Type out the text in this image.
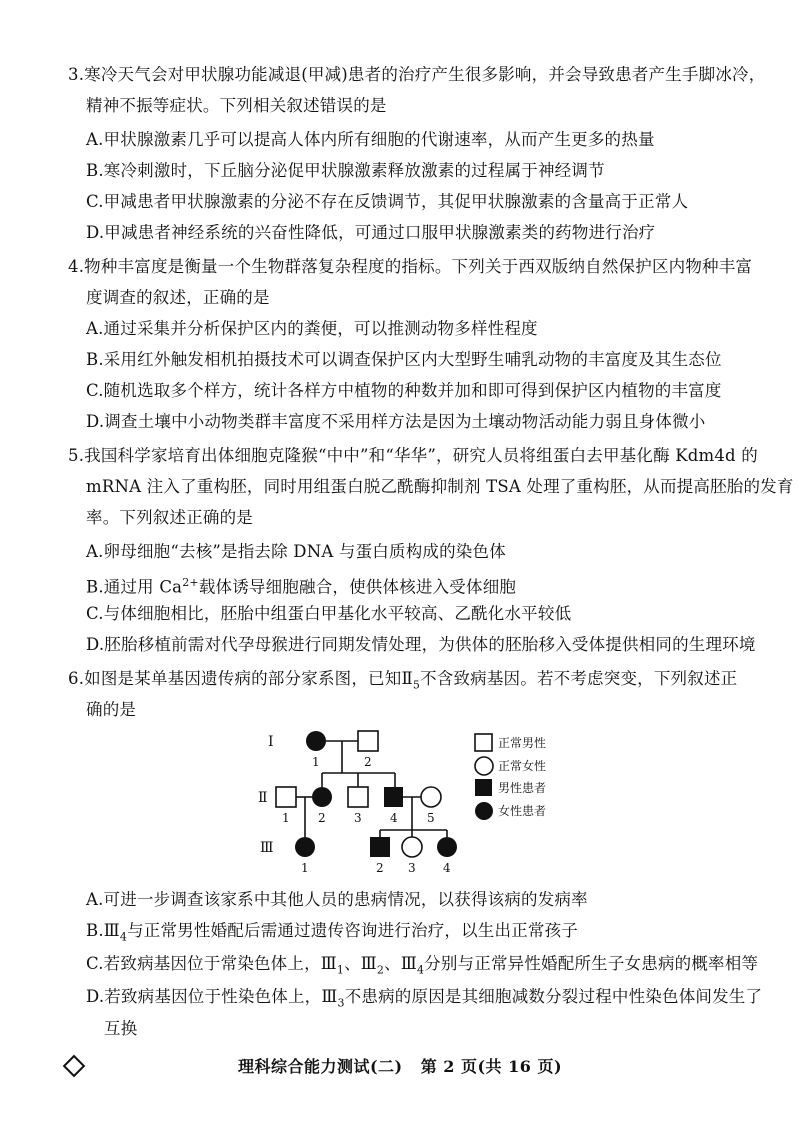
3.寒冷天气会对甲状腺功能减退(甲减)患者的治疗产生很多影响，并会导致患者产生手脚冰冷，
精神不振等症状。下列相关叙述错误的是
A.甲状腺激素几乎可以提高人体内所有细胞的代谢速率，从而产生更多的热量
B.寒冷刺激时，下丘脑分泌促甲状腺激素释放激素的过程属于神经调节
C.甲减患者甲状腺激素的分泌不存在反馈调节，其促甲状腺激素的含量高于正常人
D.甲减患者神经系统的兴奋性降低，可通过口服甲状腺激素类的药物进行治疗
4.物种丰富度是衡量一个生物群落复杂程度的指标。下列关于西双版纳自然保护区内物种丰富
度调查的叙述，正确的是
A.通过采集并分析保护区内的粪便，可以推测动物多样性程度
B.采用红外触发相机拍摄技术可以调查保护区内大型野生哺乳动物的丰富度及其生态位
C.随机选取多个样方，统计各样方中植物的种数并加和即可得到保护区内植物的丰富度
D.调查土壤中小动物类群丰富度不采用样方法是因为土壤动物活动能力弱且身体微小
5.我国科学家培育出体细胞克隆猴“中中”和“华华”，研究人员将组蛋白去甲基化酶 Kdm4d 的
mRNA 注入了重构胚，同时用组蛋白脱乙酰酶抑制剂 TSA 处理了重构胚，从而提高胚胎的发育
率。下列叙述正确的是
A.卵母细胞“去核”是指去除 DNA 与蛋白质构成的染色体
B.通过用 $Ca^{2+}$载体诱导细胞融合，使供体核进入受体细胞
C.与体细胞相比，胚胎中组蛋白甲基化水平较高、乙酰化水平较低
D.胚胎移植前需对代孕母猴进行同期发情处理，为供体的胚胎移入受体提供相同的生理环境
6.如图是某单基因遗传病的部分家系图，已知$Ⅱ_5$不含致病基因。若不考虑突变，下列叙述正
确的是
Ⅰ
Ⅱ
Ⅲ
1	2
1 2 3 4 5
1	2 3 4
正常男性
正常女性
男性患者
女性患者
A.可进一步调查该家系中其他人员的患病情况，以获得该病的发病率
$B.Ⅲ_4$与正常男性婚配后需通过遗传咨询进行治疗，以生出正常孩子
C.若致病基因位于常染色体上，$Ⅲ_1$、$Ⅲ_2$、$Ⅲ_4$分别与正常异性婚配所生子女患病的概率相等
D.若致病基因位于性染色体上，$Ⅲ_3$不患病的原因是其细胞减数分裂过程中性染色体间发生了
互换
理科综合能力测试(二) 第 2 页(共 16 页)
